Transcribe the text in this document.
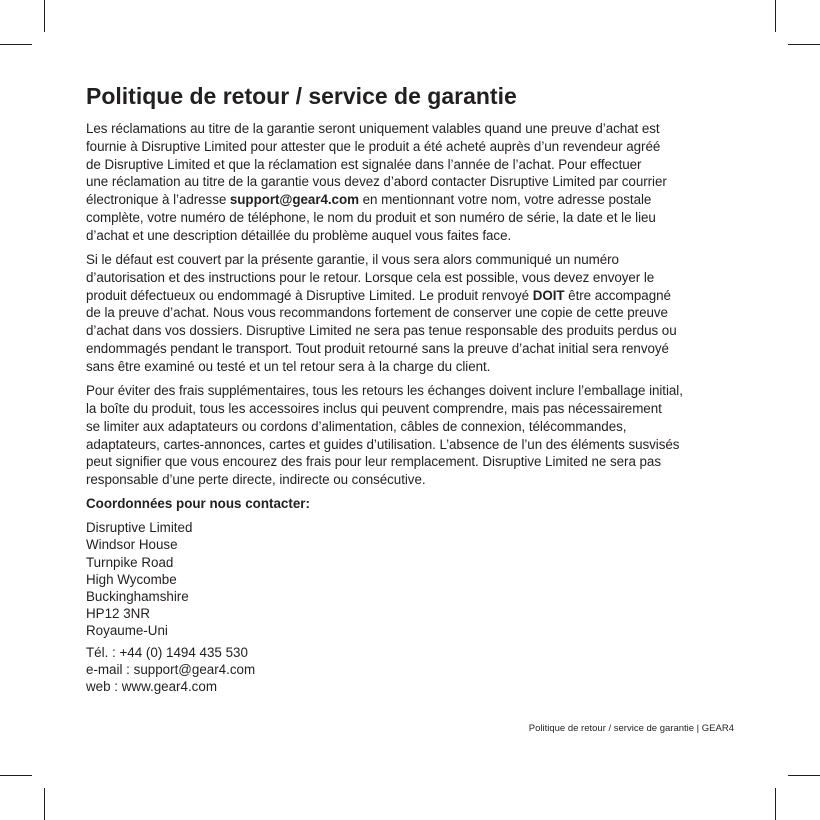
Politique de retour / service de garantie
Les réclamations au titre de la garantie seront uniquement valables quand une preuve d’achat est
fournie à Disruptive Limited pour attester que le produit a été acheté auprès d’un revendeur agréé
de Disruptive Limited et que la réclamation est signalée dans l’année de l’achat. Pour effectuer
une réclamation au titre de la garantie vous devez d’abord contacter Disruptive Limited par courrier
électronique à l’adresse support@gear4.com en mentionnant votre nom, votre adresse postale
complète, votre numéro de téléphone, le nom du produit et son numéro de série, la date et le lieu
d’achat et une description détaillée du problème auquel vous faites face.
Si le défaut est couvert par la présente garantie, il vous sera alors communiqué un numéro
d’autorisation et des instructions pour le retour. Lorsque cela est possible, vous devez envoyer le
produit défectueux ou endommagé à Disruptive Limited. Le produit renvoyé DOIT être accompagné
de la preuve d’achat. Nous vous recommandons fortement de conserver une copie de cette preuve
d’achat dans vos dossiers. Disruptive Limited ne sera pas tenue responsable des produits perdus ou
endommagés pendant le transport. Tout produit retourné sans la preuve d’achat initial sera renvoyé
sans être examiné ou testé et un tel retour sera à la charge du client.
Pour éviter des frais supplémentaires, tous les retours les échanges doivent inclure l’emballage initial,
la boîte du produit, tous les accessoires inclus qui peuvent comprendre, mais pas nécessairement
se limiter aux adaptateurs ou cordons d’alimentation, câbles de connexion, télécommandes,
adaptateurs, cartes-annonces, cartes et guides d’utilisation. L’absence de l’un des éléments susvisés
peut signifier que vous encourez des frais pour leur remplacement. Disruptive Limited ne sera pas
responsable d’une perte directe, indirecte ou consécutive.
Coordonnées pour nous contacter:
Disruptive Limited
Windsor House
Turnpike Road
High Wycombe
Buckinghamshire
HP12 3NR
Royaume-Uni
Tél. : +44 (0) 1494 435 530
e-mail : support@gear4.com
web : www.gear4.com
Politique de retour / service de garantie | GEAR4
